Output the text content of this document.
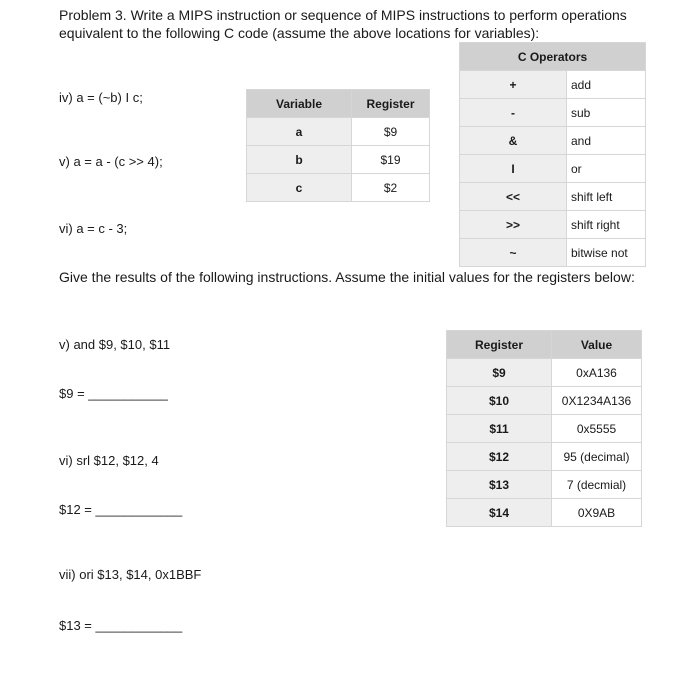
Problem 3. Write a MIPS instruction or sequence of MIPS instructions to perform operations
equivalent to the following C code (assume the above locations for variables):
iv) a = (~b) I c;
v) a = a - (c >> 4);
vi) a = c - 3;
C Operators	
+	add
-	sub
&	and
I	or
<<	shift left
>>	shift right
~	bitwise not
Variable	Register
a	$9
b	$19
c	$2
Give the results of the following instructions. Assume the initial values for the registers below:
v) and $9, $10, $11
$9 = ___________
vi) srl $12, $12, 4
$12 = ____________
vii) ori $13, $14, 0x1BBF
$13 = ____________
Register	Value
$9	0xA136
$10	0X1234A136
$11	0x5555
$12	95 (decimal)
$13	7 (decmial)
$14	0X9AB
